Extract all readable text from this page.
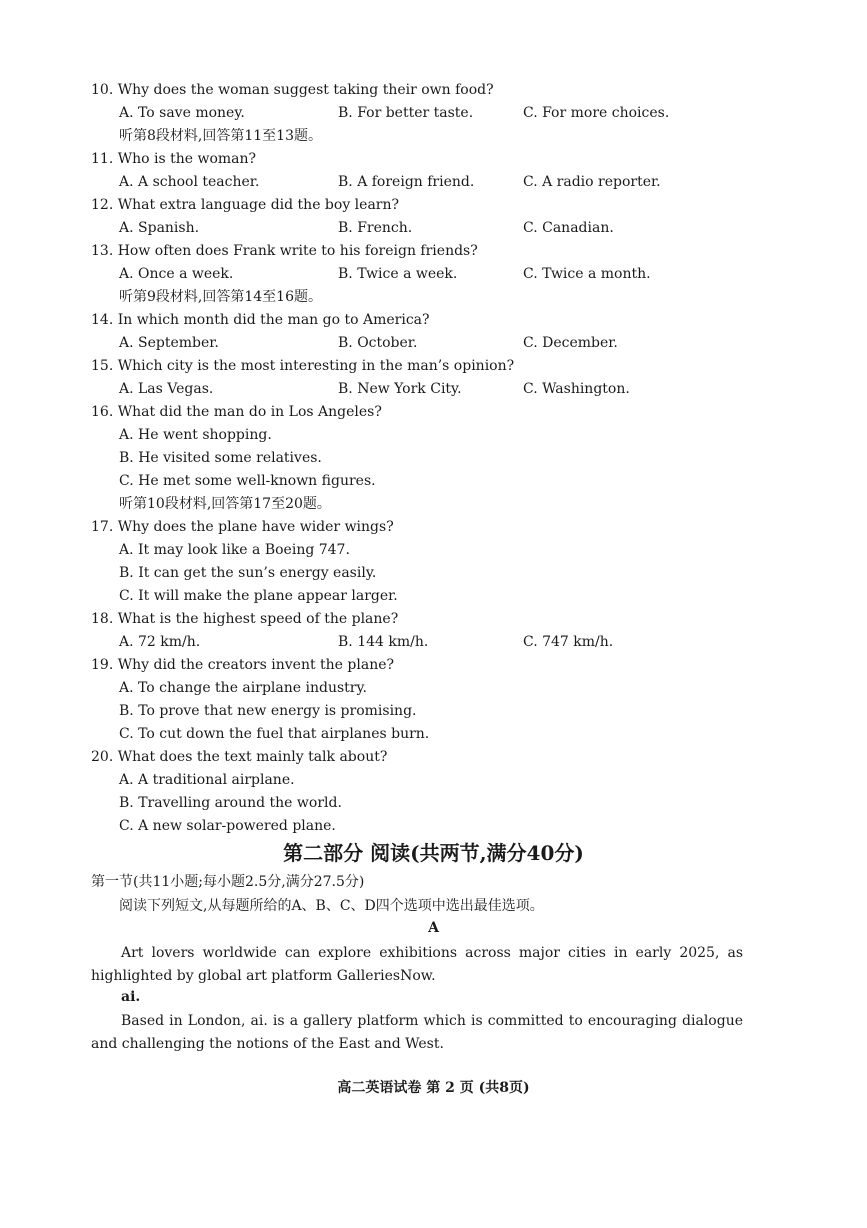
10. Why does the woman suggest taking their own food?
A. To save money.	B. For better taste.	C. For more choices.
听第8段材料,回答第11至13题。
11. Who is the woman?
A. A school teacher.	B. A foreign friend.	C. A radio reporter.
12. What extra language did the boy learn?
A. Spanish.	B. French.	C. Canadian.
13. How often does Frank write to his foreign friends?
A. Once a week.	B. Twice a week.	C. Twice a month.
听第9段材料,回答第14至16题。
14. In which month did the man go to America?
A. September.	B. October.	C. December.
15. Which city is the most interesting in the man’s opinion?
A. Las Vegas.	B. New York City.	C. Washington.
16. What did the man do in Los Angeles?
A. He went shopping.
B. He visited some relatives.
C. He met some well-known figures.
听第10段材料,回答第17至20题。
17. Why does the plane have wider wings?
A. It may look like a Boeing 747.
B. It can get the sun’s energy easily.
C. It will make the plane appear larger.
18. What is the highest speed of the plane?
A. 72 km/h.	B. 144 km/h.	C. 747 km/h.
19. Why did the creators invent the plane?
A. To change the airplane industry.
B. To prove that new energy is promising.
C. To cut down the fuel that airplanes burn.
20. What does the text mainly talk about?
A. A traditional airplane.
B. Travelling around the world.
C. A new solar-powered plane.
第二部分 阅读(共两节,满分40分)
第一节(共11小题;每小题2.5分,满分27.5分)
阅读下列短文,从每题所给的A、B、C、D四个选项中选出最佳选项。
A
Art lovers worldwide can explore exhibitions across major cities in early 2025, as highlighted by global art platform GalleriesNow.
ai.
Based in London, ai. is a gallery platform which is committed to encouraging dialogue and challenging the notions of the East and West.
高二英语试卷 第 2 页 (共8页)
